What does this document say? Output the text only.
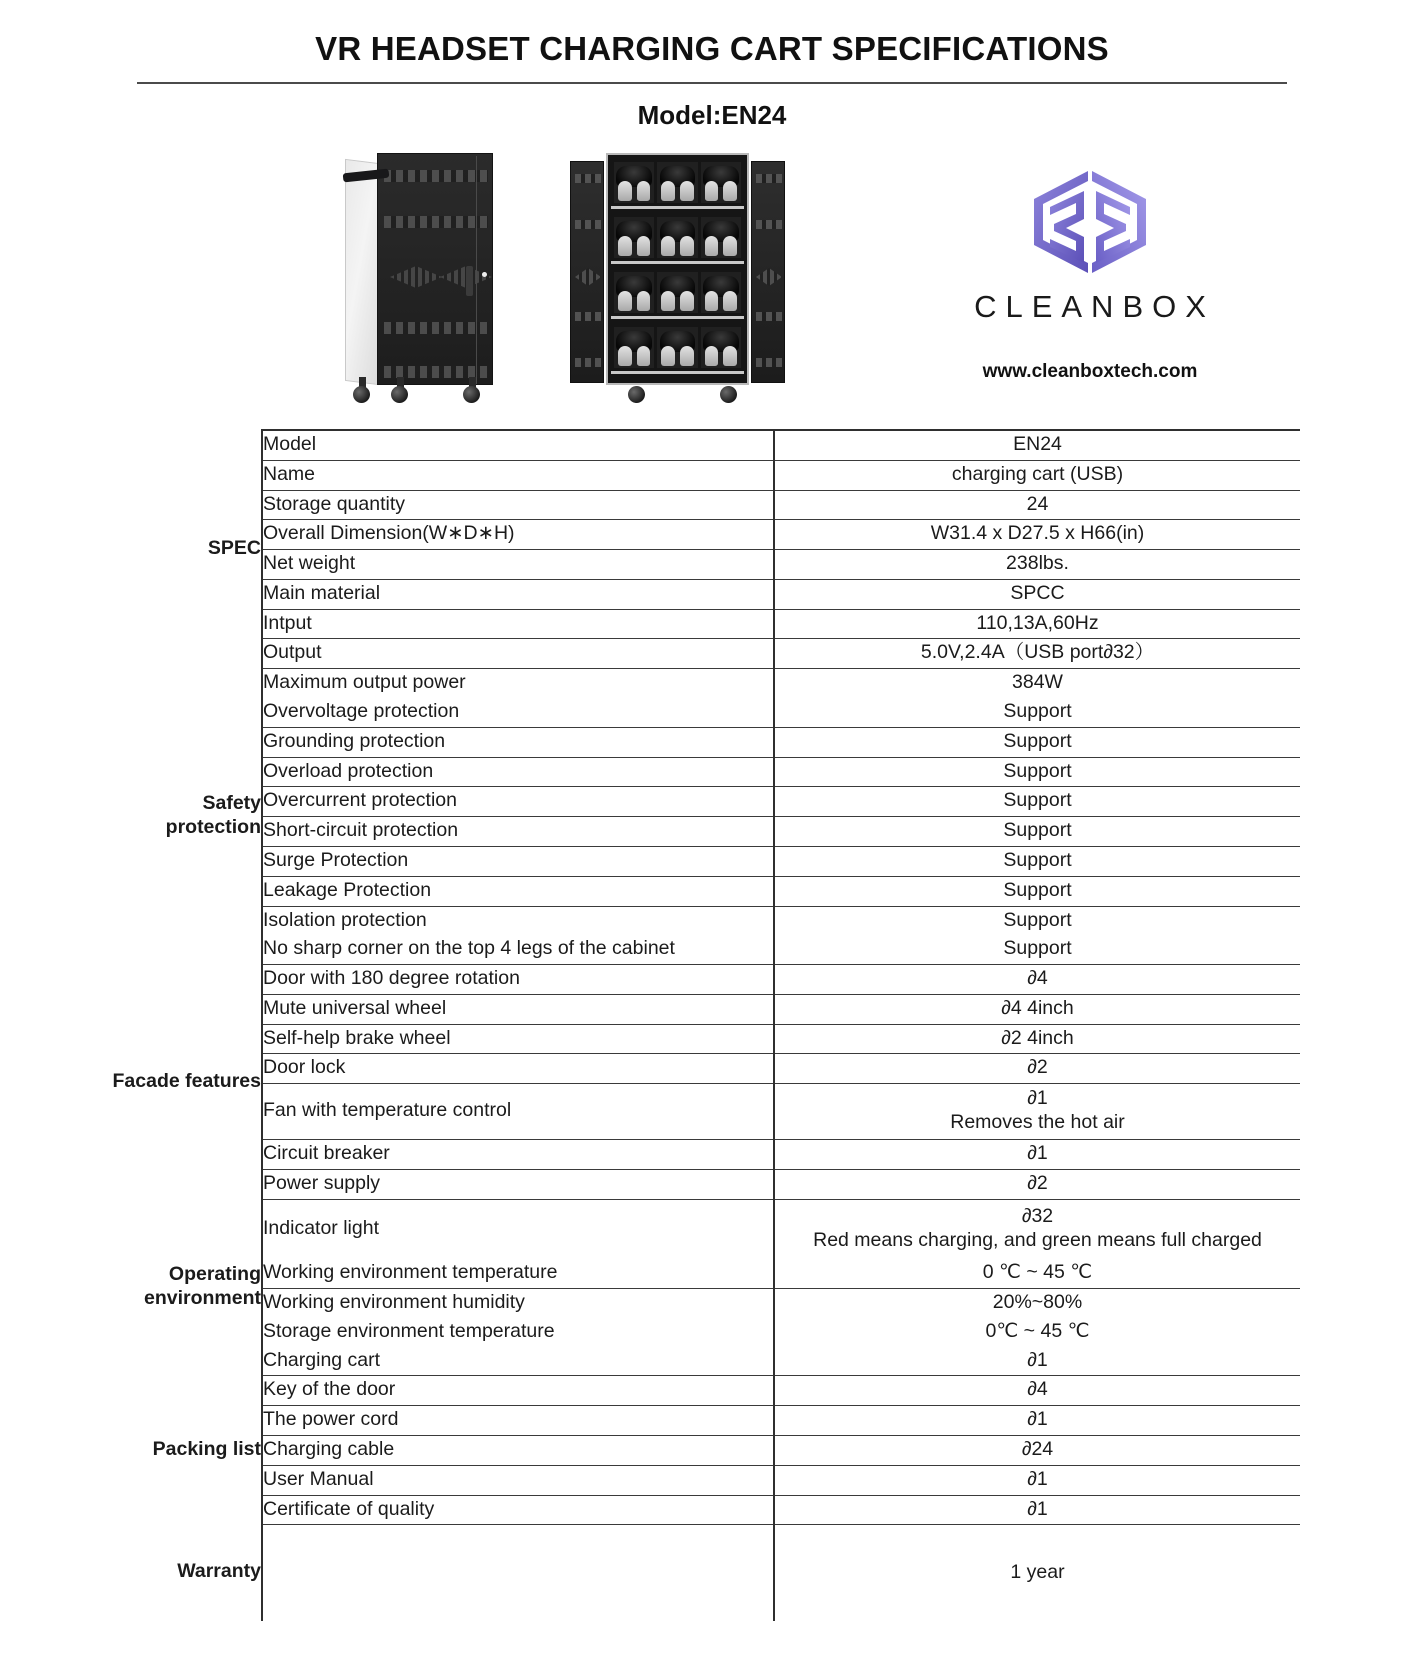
VR HEADSET CHARGING CART SPECIFICATIONS
Model:EN24
CLEANBOX
www.cleanboxtech.com
SPEC	Model	EN24
	Name	charging cart (USB)
	Storage quantity	24
	Overall Dimension(W∗D∗H)	W31.4 x D27.5 x H66(in)
	Net weight	238lbs.
	Main material	SPCC
	Intput	110,13A,60Hz
	Output	5.0V,2.4A（USB port∂32）
Safety
protection	Maximum output power	384W
	Overvoltage protection	Support
	Grounding protection	Support
	Overload protection	Support
	Overcurrent protection	Support
	Short-circuit protection	Support
	Surge Protection	Support
	Leakage Protection	Support
	Isolation protection	Support
	No sharp corner on the top 4 legs of the cabinet	Support
Facade features	Door with 180 degree rotation	∂4
	Mute universal wheel	∂4 4inch
	Self-help brake wheel	∂2 4inch
	Door lock	∂2
	Fan with temperature control	∂1
Removes the hot air

	Circuit breaker	∂1
	Power supply	∂2
Operating
environment	Indicator light	∂32
Red means charging, and green means full charged

	Working environment temperature	0 ℃ ~ 45 ℃
	Working environment humidity	20%~80%
	Storage environment temperature	0℃ ~ 45 ℃
	Charging cart	∂1
Packing list	Key of the door	∂4
	The power cord	∂1
	Charging cable	∂24
	User Manual	∂1
	Certificate of quality	∂1
Warranty		1 year
